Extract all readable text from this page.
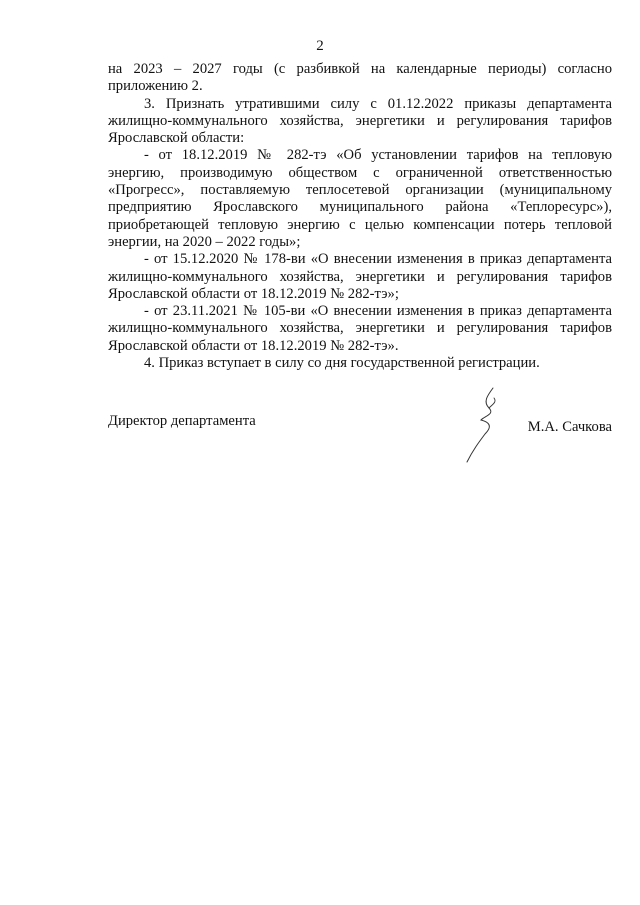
2
на 2023 – 2027 годы (с разбивкой на календарные периоды) согласно
приложению 2.
3. Признать утратившими силу с 01.12.2022 приказы департамента
жилищно-коммунального хозяйства, энергетики и регулирования тарифов
Ярославской области:
- от 18.12.2019 № 282-тэ «Об установлении тарифов на тепловую
энергию, производимую обществом с ограниченной ответственностью
«Прогресс», поставляемую теплосетевой организации (муниципальному
предприятию Ярославского муниципального района «Теплоресурс»),
приобретающей тепловую энергию с целью компенсации потерь тепловой
энергии, на 2020 – 2022 годы»;
- от 15.12.2020 № 178-ви «О внесении изменения в приказ департамента
жилищно-коммунального хозяйства, энергетики и регулирования тарифов
Ярославской области от 18.12.2019 № 282-тэ»;
- от 23.11.2021 № 105-ви «О внесении изменения в приказ департамента
жилищно-коммунального хозяйства, энергетики и регулирования тарифов
Ярославской области от 18.12.2019 № 282-тэ».
4. Приказ вступает в силу со дня государственной регистрации.
Директор департамента	М.А. Сачкова
